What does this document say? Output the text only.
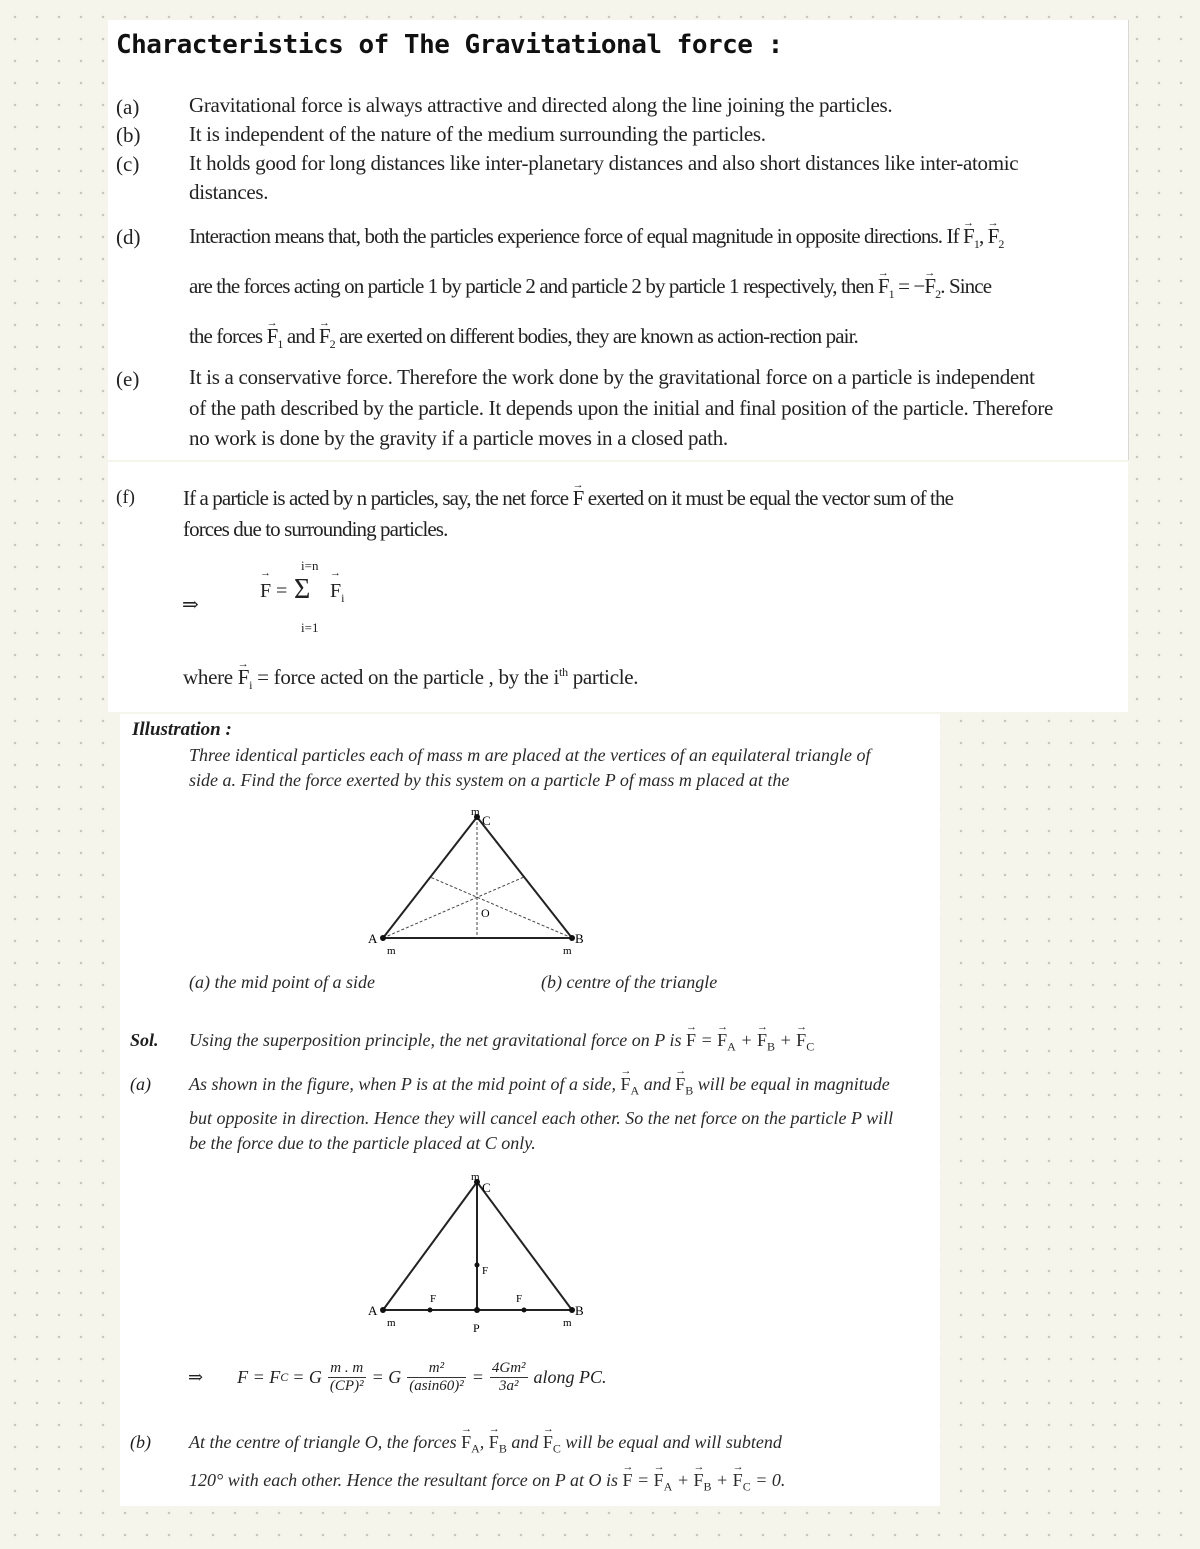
Characteristics of The Gravitational force :
(a) Gravitational force is always attractive and directed along the line joining the particles.
(b) It is independent of the nature of the medium surrounding the particles.
(c) It holds good for long distances like inter-planetary distances and also short distances like inter-atomic
distances.
(d) Interaction means that, both the particles experience force of equal magnitude in opposite directions. $If \to F_1$, → $F_2$
are the forces acting on particle 1 by particle 2 and particle 2 by particle 1 respectively, then → $F_1$ = −→ $F_2$. Since
the forces → $F_1$ and → $F_2$ are exerted on different bodies, they are known as action-rection pair.
(e) It is a conservative force. Therefore the work done by the gravitational force on a particle is independent
of the path described by the particle. It depends upon the initial and final position of the particle. Therefore
no work is done by the gravity if a particle moves in a closed path.
(f) If a particle is acted by n particles, say, the net force → F exerted on it must be equal the vector sum of the
forces due to surrounding particles.
⇒
→ F =
i=n
Σ
→ $F_i$
i=1
where → $F_i$ = force acted on the particle , by the $i^{th}$ particle.
Illustration :
Three identical particles each of mass m are placed at the vertices of an equilateral triangle of
side a. Find the force exerted by this system on a particle P of mass m placed at the
A	B
C
m
m	m
O
(a) the mid point of a side	(b) centre of the triangle
Sol. Using the superposition principle, the net gravitational force on P is → F = → $F_A$ + → $F_B$ + → $F_C$
(a) As shown in the figure, when P is at the mid point of a side, → $F_A$ and → $F_B$ will be equal in magnitude
but opposite in direction. Hence they will cancel each other. So the net force on the particle P will
be the force due to the particle placed at C only.
A	B
C
m
m	m
P
F	F
F
⇒ F = F C = G $\frac{m . m}{\text{(CP)²}} = G \frac{\text{m²}}{\text{(asin60)²}} = \frac{\text{4Gm²}}{\text{3a²}}$ along PC.
(b) At the centre of triangle O, the forces → $F_A$, → $F_B$ and → $F_C$ will be equal and will subtend
120° with each other. Hence the resultant force on P at O is → F = → $F_A$ + → $F_B$ + → $F_C = 0$.
